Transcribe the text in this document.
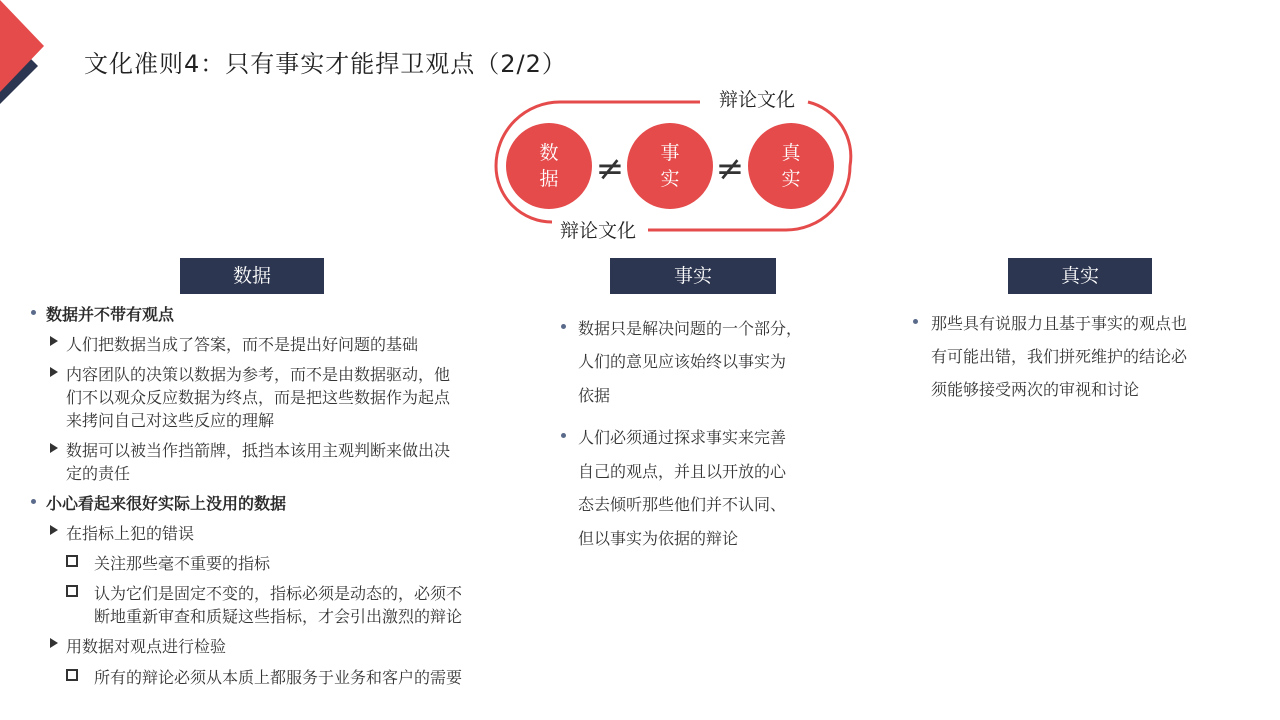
文化准则4：只有事实才能捍卫观点（2/2）
数
据
事
实
真
实
≠	≠
辩论文化
辩论文化
数据	事实	真实
数据并不带有观点
人们把数据当成了答案，而不是提出好问题的基础
内容团队的决策以数据为参考，而不是由数据驱动，他
们不以观众反应数据为终点，而是把这些数据作为起点
来拷问自己对这些反应的理解
数据可以被当作挡箭牌，抵挡本该用主观判断来做出决
定的责任
小心看起来很好实际上没用的数据
在指标上犯的错误
关注那些毫不重要的指标
认为它们是固定不变的，指标必须是动态的，必须不
断地重新审查和质疑这些指标，才会引出激烈的辩论
用数据对观点进行检验
所有的辩论必须从本质上都服务于业务和客户的需要
数据只是解决问题的一个部分，
人们的意见应该始终以事实为
依据
人们必须通过探求事实来完善
自己的观点，并且以开放的心
态去倾听那些他们并不认同、
但以事实为依据的辩论
那些具有说服力且基于事实的观点也
有可能出错，我们拼死维护的结论必
须能够接受两次的审视和讨论
